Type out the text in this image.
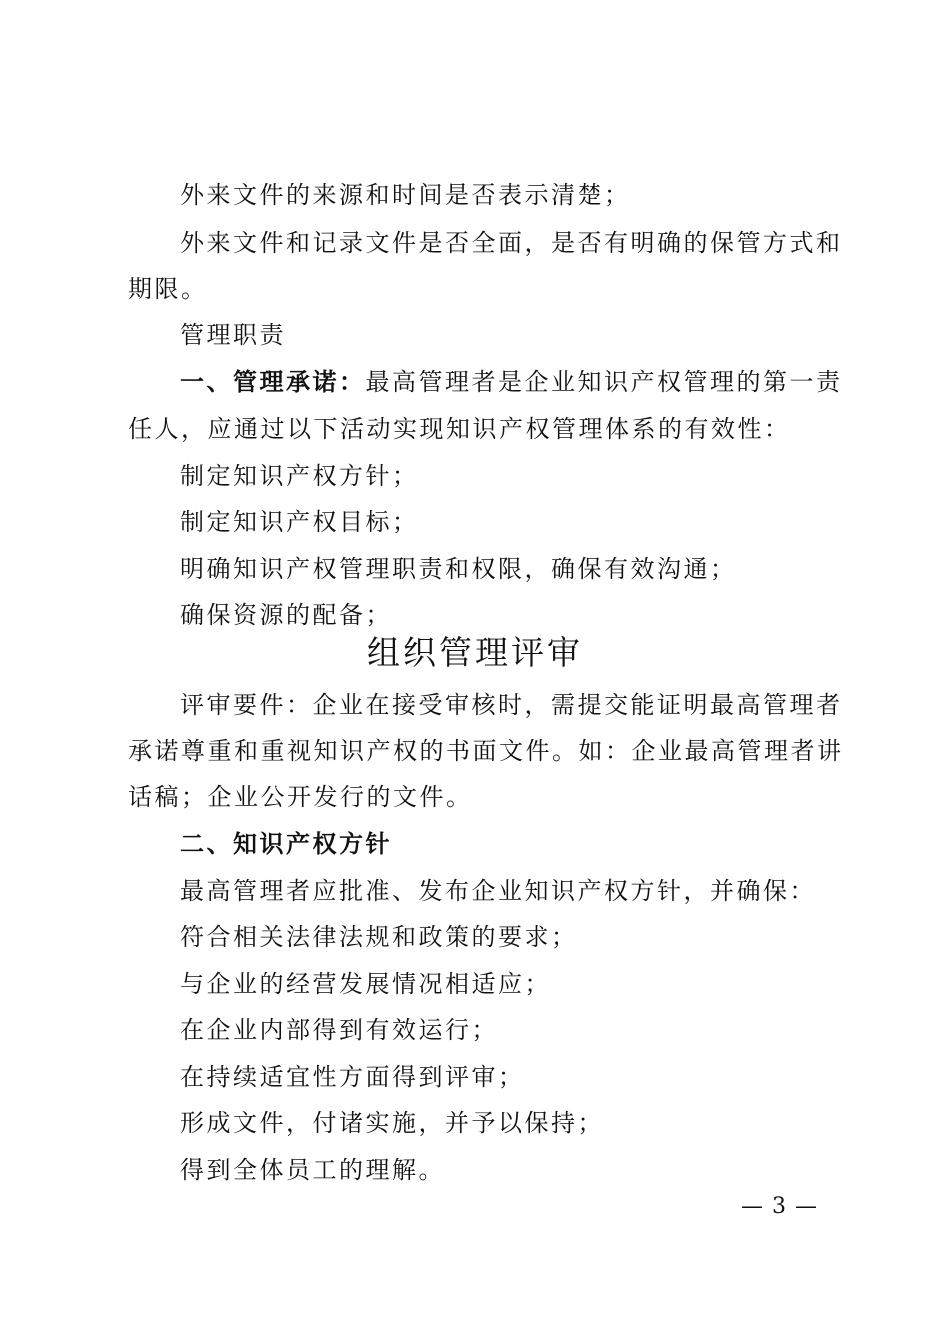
外来文件的来源和时间是否表示清楚；

外来文件和记录文件是否全面，是否有明确的保管方式和

期限。

管理职责

一、管理承诺：最高管理者是企业知识产权管理的第一责

任人，应通过以下活动实现知识产权管理体系的有效性：

制定知识产权方针；

制定知识产权目标；

明确知识产权管理职责和权限，确保有效沟通；

确保资源的配备；

组织管理评审

评审要件：企业在接受审核时，需提交能证明最高管理者

承诺尊重和重视知识产权的书面文件。如：企业最高管理者讲

话稿；企业公开发行的文件。

二、知识产权方针

最高管理者应批准、发布企业知识产权方针，并确保：

符合相关法律法规和政策的要求；

与企业的经营发展情况相适应；

在企业内部得到有效运行；

在持续适宜性方面得到评审；

形成文件，付诸实施，并予以保持；

得到全体员工的理解。

— 3 —
